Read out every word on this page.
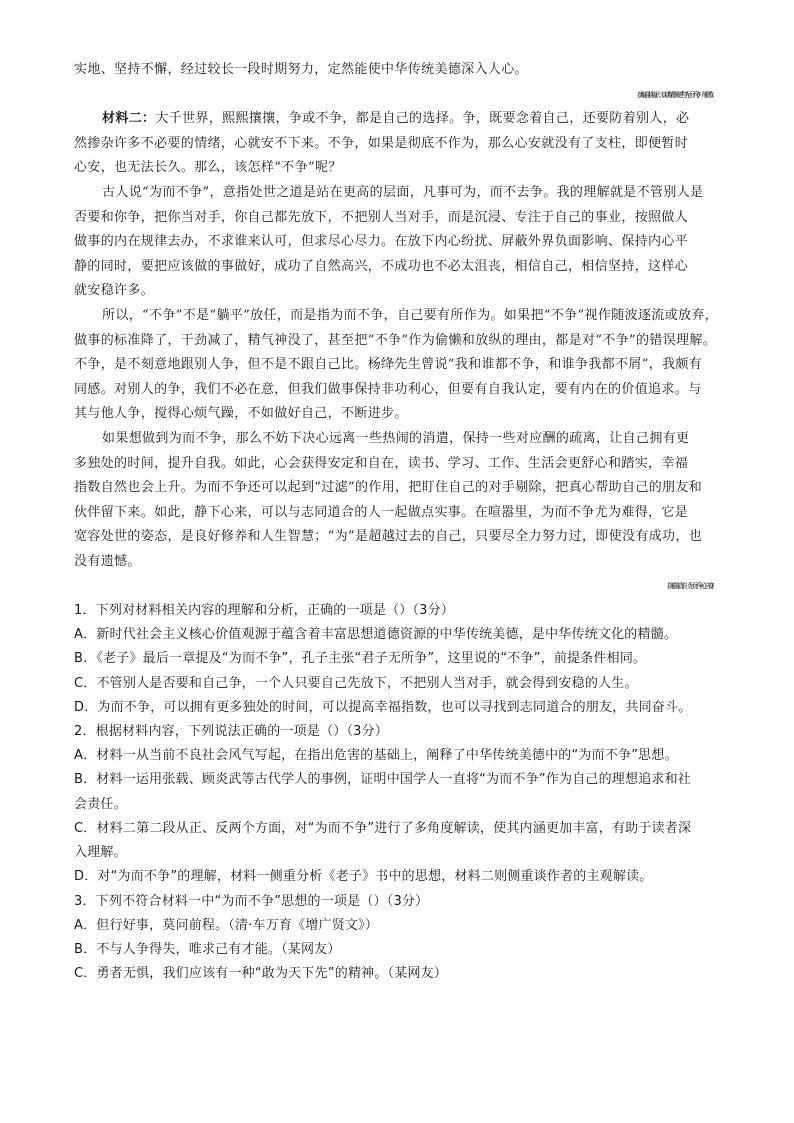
实地、坚持不懈，经过较长一段时期努力，定然能使中华传统美德深入人心。
（摘编自陈祖武《谈谈“循序渐进”与“为而不争”》，有删改）
材料二：大千世界，熙熙攘攘，争或不争，都是自己的选择。争，既要念着自己，还要防着别人，必
然掺杂许多不必要的情绪，心就安不下来。不争，如果是彻底不作为，那么心安就没有了支柱，即便暂时
心安，也无法长久。那么，该怎样“不争”呢？
古人说“为而不争”，意指处世之道是站在更高的层面，凡事可为，而不去争。我的理解就是不管别人是
否要和你争，把你当对手，你自己都先放下，不把别人当对手，而是沉浸、专注于自己的事业，按照做人
做事的内在规律去办，不求谁来认可，但求尽心尽力。在放下内心纷扰、屏蔽外界负面影响、保持内心平
静的同时，要把应该做的事做好，成功了自然高兴，不成功也不必太沮丧，相信自己，相信坚持，这样心
就安稳许多。
所以，“不争”不是“躺平”放任，而是指为而不争，自己要有所作为。如果把“不争”视作随波逐流或放弃，
做事的标准降了，干劲减了，精气神没了，甚至把“不争”作为偷懒和放纵的理由，都是对“不争”的错误理解。
不争，是不刻意地跟别人争，但不是不跟自己比。杨绛先生曾说“我和谁都不争，和谁争我都不屑”，我颇有
同感。对别人的争，我们不必在意，但我们做事保持非功利心，但要有自我认定，要有内在的价值追求。与
其与他人争，搅得心烦气躁，不如做好自己，不断进步。
如果想做到为而不争，那么不妨下决心远离一些热闹的消遣，保持一些对应酬的疏离，让自己拥有更
多独处的时间，提升自我。如此，心会获得安定和自在，读书、学习、工作、生活会更舒心和踏实，幸福
指数自然也会上升。为而不争还可以起到“过滤”的作用，把盯住自己的对手剔除，把真心帮助自己的朋友和
伙伴留下来。如此，静下心来，可以与志同道合的人一起做点实事。在喧嚣里，为而不争尤为难得，它是
宽容处世的姿态，是良好修养和人生智慧；“为”是超越过去的自己，只要尽全力努力过，即使没有成功，也
没有遗憾。
（摘自陈启银《为而不争心自安》）
1．下列对材料相关内容的理解和分析，正确的一项是（）（3分）
A．新时代社会主义核心价值观源于蕴含着丰富思想道德资源的中华传统美德，是中华传统文化的精髓。
B．《老子》最后一章提及“为而不争”，孔子主张“君子无所争”，这里说的“不争”，前提条件相同。
C．不管别人是否要和自己争，一个人只要自己先放下，不把别人当对手，就会得到安稳的人生。
D．为而不争，可以拥有更多独处的时间，可以提高幸福指数，也可以寻找到志同道合的朋友，共同奋斗。
2．根据材料内容，下列说法正确的一项是（）（3分）
A．材料一从当前不良社会风气写起，在指出危害的基础上，阐释了中华传统美德中的“为而不争”思想。
B．材料一运用张载、顾炎武等古代学人的事例，证明中国学人一直将“为而不争”作为自己的理想追求和社
会责任。
C．材料二第二段从正、反两个方面，对“为而不争”进行了多角度解读，使其内涵更加丰富，有助于读者深
入理解。
D．对“为而不争”的理解，材料一侧重分析《老子》书中的思想，材料二则侧重谈作者的主观解读。
3．下列不符合材料一中“为而不争”思想的一项是（）（3分）
A．但行好事，莫问前程。（清·车万育《增广贤文》）
B．不与人争得失，唯求己有才能。（某网友）
C．勇者无惧，我们应该有一种“敢为天下先”的精神。（某网友）
